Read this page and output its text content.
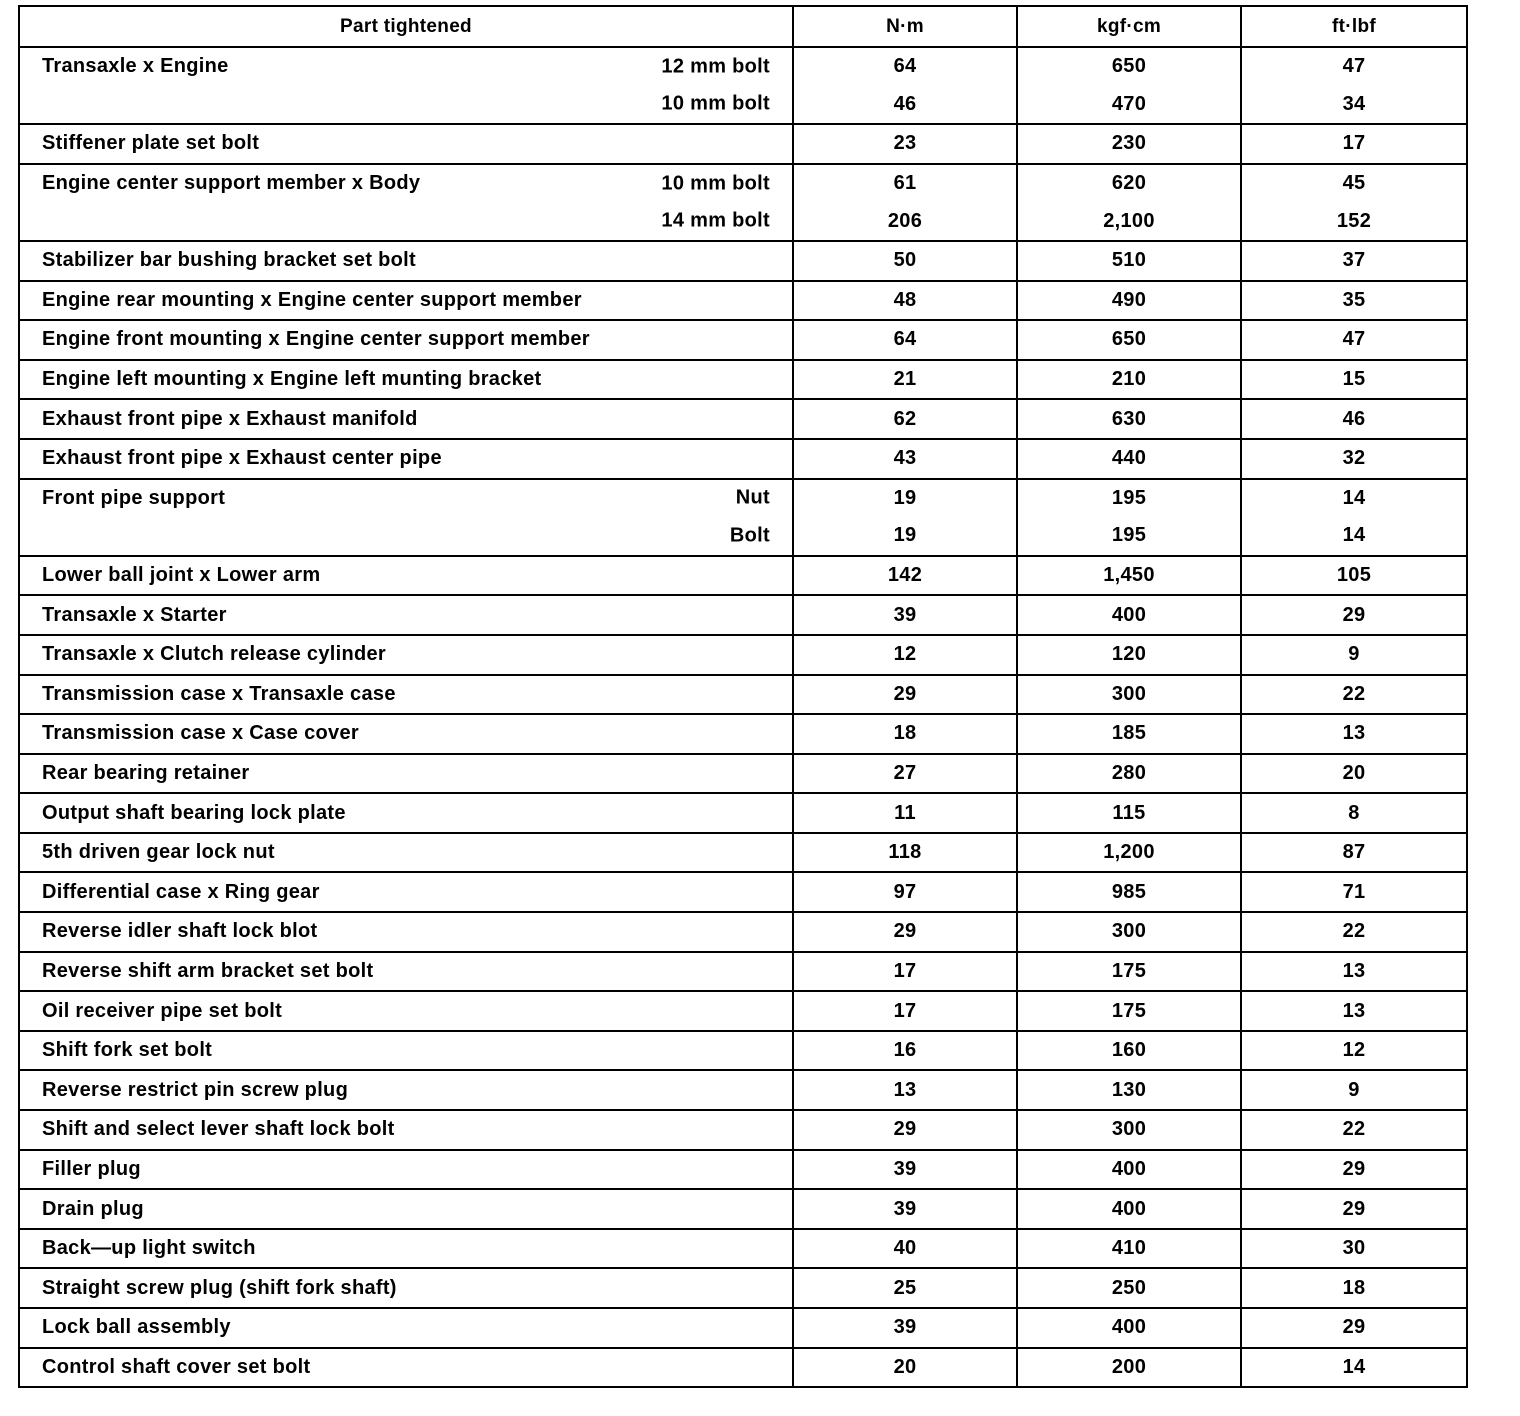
Part tightened	N·m	kgf·cm	ft·lbf
Transaxle x Engine 12 mm bolt	64	650	47

10 mm bolt	46	470	34
Stiffener plate set bolt	23	230	17
Engine center support member x Body 10 mm bolt	61	620	45

14 mm bolt	206	2,100	152
Stabilizer bar bushing bracket set bolt	50	510	37
Engine rear mounting x Engine center support member	48	490	35
Engine front mounting x Engine center support member	64	650	47
Engine left mounting x Engine left munting bracket	21	210	15
Exhaust front pipe x Exhaust manifold	62	630	46
Exhaust front pipe x Exhaust center pipe	43	440	32
Front pipe support Nut	19	195	14

Bolt	19	195	14
Lower ball joint x Lower arm	142	1,450	105
Transaxle x Starter	39	400	29
Transaxle x Clutch release cylinder	12	120	9
Transmission case x Transaxle case	29	300	22
Transmission case x Case cover	18	185	13
Rear bearing retainer	27	280	20
Output shaft bearing lock plate	11	115	8
5th driven gear lock nut	118	1,200	87
Differential case x Ring gear	97	985	71
Reverse idler shaft lock blot	29	300	22
Reverse shift arm bracket set bolt	17	175	13
Oil receiver pipe set bolt	17	175	13
Shift fork set bolt	16	160	12
Reverse restrict pin screw plug	13	130	9
Shift and select lever shaft lock bolt	29	300	22
Filler plug	39	400	29
Drain plug	39	400	29
Back—up light switch	40	410	30
Straight screw plug (shift fork shaft)	25	250	18
Lock ball assembly	39	400	29
Control shaft cover set bolt	20	200	14
